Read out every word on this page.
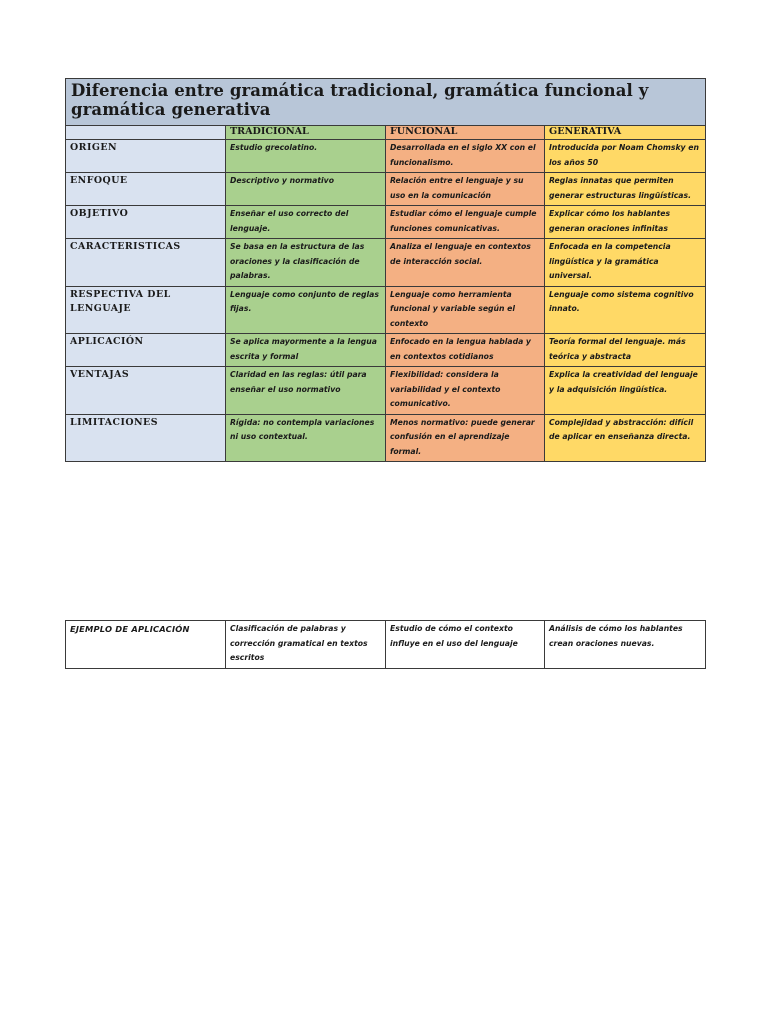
Diferencia entre gramática tradicional, gramática funcional y gramática generativa			
	TRADICIONAL	FUNCIONAL	GENERATIVA
ORIGEN	Estudio grecolatino.	Desarrollada en el siglo XX con el funcionalismo.	Introducida por Noam Chomsky en los años 50
ENFOQUE	Descriptivo y normativo	Relación entre el lenguaje y su uso en la comunicación	Reglas innatas que permiten generar estructuras lingüísticas.
OBJETIVO	Enseñar el uso correcto del lenguaje.	Estudiar cómo el lenguaje cumple funciones comunicativas.	Explicar cómo los hablantes generan oraciones infinitas
CARACTERISTICAS	Se basa en la estructura de las oraciones y la clasificación de palabras.	Analiza el lenguaje en contextos de interacción social.	Enfocada en la competencia lingüística y la gramática universal.
RESPECTIVA DEL LENGUAJE	Lenguaje como conjunto de reglas fijas.	Lenguaje como herramienta funcional y variable según el contexto	Lenguaje como sistema cognitivo innato.
APLICACIÓN	Se aplica mayormente a la lengua escrita y formal	Enfocado en la lengua hablada y en contextos cotidianos	Teoría formal del lenguaje. más teórica y abstracta
VENTAJAS	Claridad en las reglas: útil para enseñar el uso normativo	Flexibilidad: considera la variabilidad y el contexto comunicativo.	Explica la creatividad del lenguaje y la adquisición lingüística.
LIMITACIONES	Rígida: no contempla variaciones ni uso contextual.	Menos normativo: puede generar confusión en el aprendizaje formal.	Complejidad y abstracción: difícil de aplicar en enseñanza directa.
EJEMPLO DE APLICACIÓN	Clasificación de palabras y corrección gramatical en textos escritos	Estudio de cómo el contexto influye en el uso del lenguaje	Análisis de cómo los hablantes crean oraciones nuevas.
